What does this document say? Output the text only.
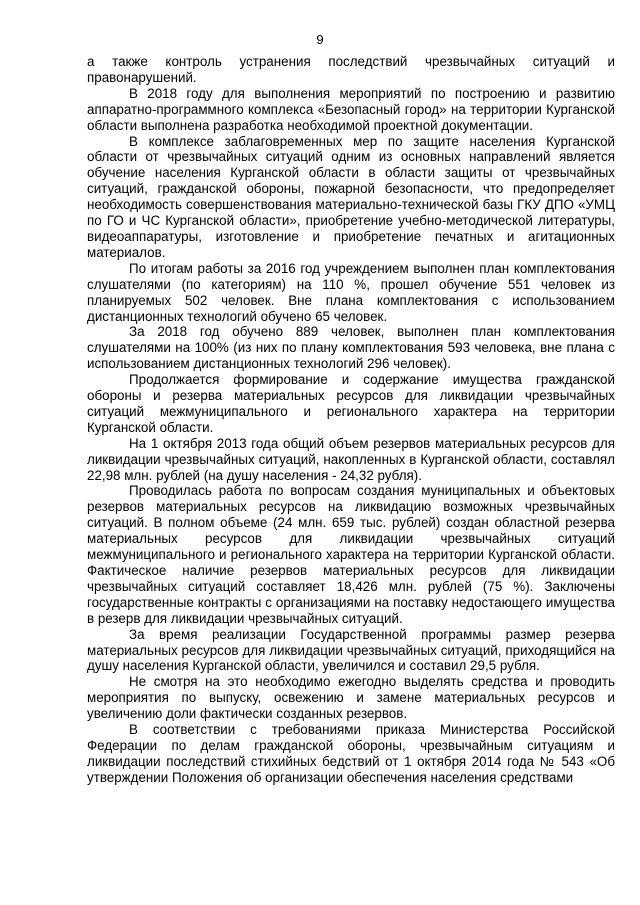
9

а также контроль устранения последствий чрезвычайных ситуаций и правонарушений.

В 2018 году для выполнения мероприятий по построению и развитию аппаратно-программного комплекса «Безопасный город» на территории Курганской области выполнена разработка необходимой проектной документации.

В комплексе заблаговременных мер по защите населения Курганской области от чрезвычайных ситуаций одним из основных направлений является обучение населения Курганской области в области защиты от чрезвычайных ситуаций, гражданской обороны, пожарной безопасности, что предопределяет необходимость совершенствования материально-технической базы ГКУ ДПО «УМЦ по ГО и ЧС Курганской области», приобретение учебно-методической литературы, видеоаппаратуры, изготовление и приобретение печатных и агитационных материалов.

По итогам работы за 2016 год учреждением выполнен план комплектования слушателями (по категориям) на 110 %, прошел обучение 551 человек из планируемых 502 человек. Вне плана комплектования с использованием дистанционных технологий обучено 65 человек.

За 2018 год обучено 889 человек, выполнен план комплектования слушателями на 100% (из них по плану комплектования 593 человека, вне плана с использованием дистанционных технологий 296 человек).

Продолжается формирование и содержание имущества гражданской обороны и резерва материальных ресурсов для ликвидации чрезвычайных ситуаций межмуниципального и регионального характера на территории Курганской области.

На 1 октября 2013 года общий объем резервов материальных ресурсов для ликвидации чрезвычайных ситуаций, накопленных в Курганской области, составлял 22,98 млн. рублей (на душу населения - 24,32 рубля).

Проводилась работа по вопросам создания муниципальных и объектовых резервов материальных ресурсов на ликвидацию возможных чрезвычайных ситуаций. В полном объеме (24 млн. 659 тыс. рублей) создан областной резерва материальных ресурсов для ликвидации чрезвычайных ситуаций межмуниципального и регионального характера на территории Курганской области. Фактическое наличие резервов материальных ресурсов для ликвидации чрезвычайных ситуаций составляет 18,426 млн. рублей (75 %). Заключены государственные контракты с организациями на поставку недостающего имущества в резерв для ликвидации чрезвычайных ситуаций.

За время реализации Государственной программы размер резерва материальных ресурсов для ликвидации чрезвычайных ситуаций, приходящийся на душу населения Курганской области, увеличился и составил 29,5 рубля.

Не смотря на это необходимо ежегодно выделять средства и проводить мероприятия по выпуску, освежению и замене материальных ресурсов и увеличению доли фактически созданных резервов.

В соответствии с требованиями приказа Министерства Российской Федерации по делам гражданской обороны, чрезвычайным ситуациям и ликвидации последствий стихийных бедствий от 1 октября 2014 года № 543 «Об утверждении Положения об организации обеспечения населения средствами
